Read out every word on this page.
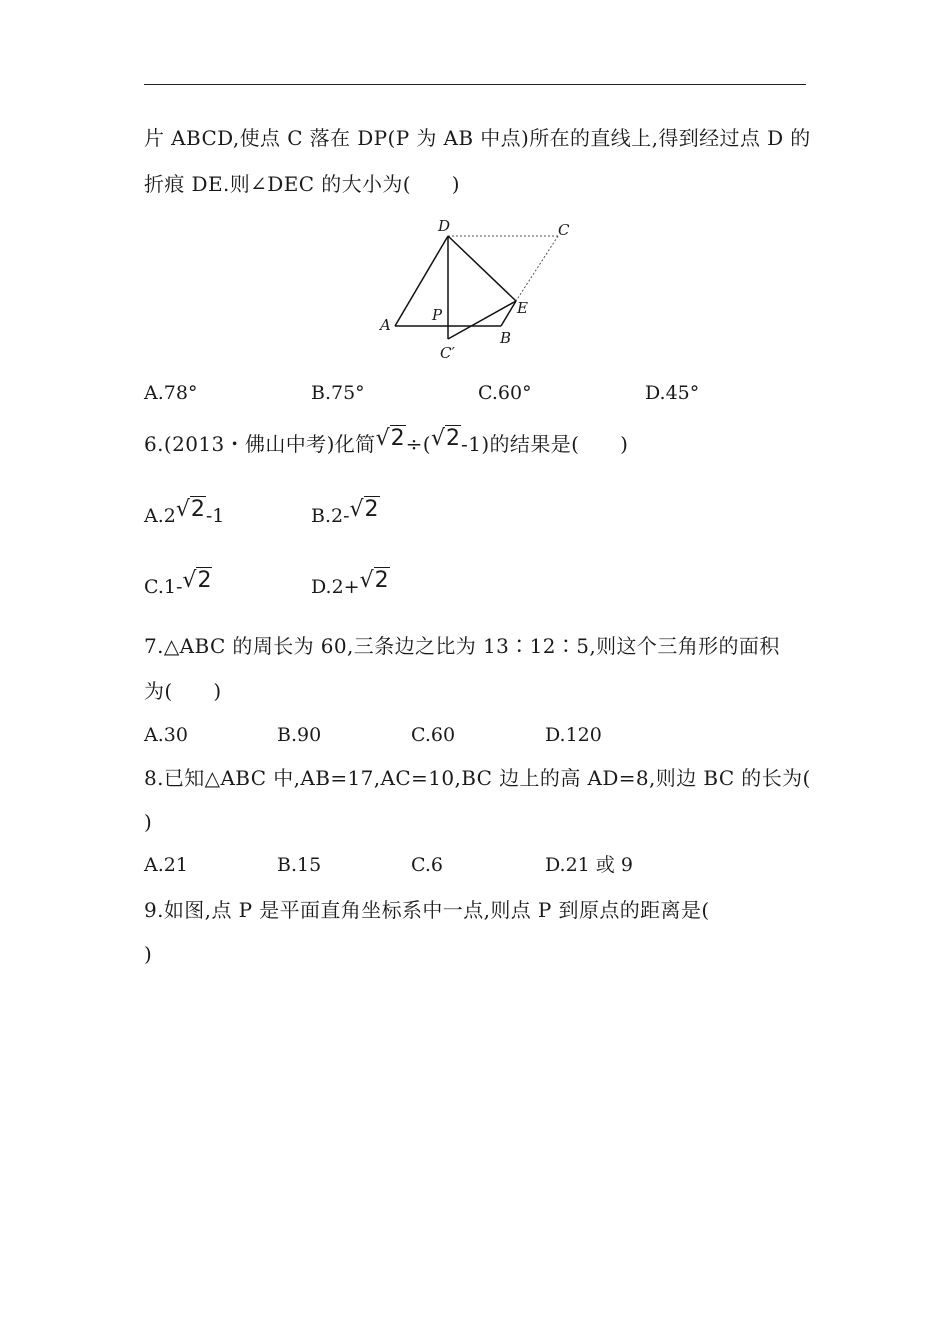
片 ABCD,使点 C 落在 DP(P 为 AB 中点)所在的直线上,得到经过点 D 的
折痕 DE.则∠DEC 的大小为(　　)
D	C
E
A
P
B
C′
A.78°	B.75°	C.60°	D.45°
6.(2013・佛山中考)化简√2÷(√2-1)的结果是(　　)
A.2√2-1	B.2-√2
C.1-√2	D.2+√2
7.△ABC 的周长为 60,三条边之比为 13∶12∶5,则这个三角形的面积
为(　　)
A.30	B.90	C.60	D.120
8.已知△ABC 中,AB=17,AC=10,BC 边上的高 AD=8,则边 BC 的长为(
)
A.21	B.15	C.6	D.21 或 9
9.如图,点 P 是平面直角坐标系中一点,则点 P 到原点的距离是(
)
